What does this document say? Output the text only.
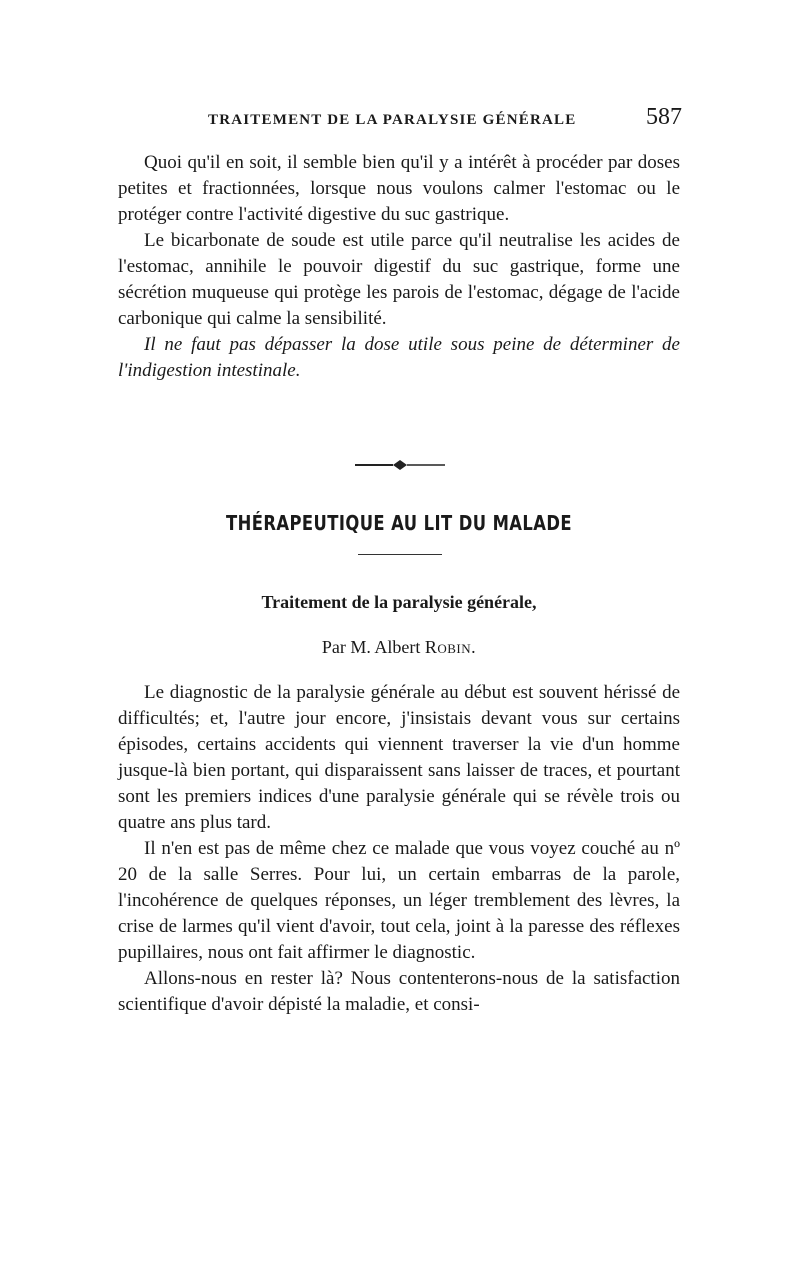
TRAITEMENT DE LA PARALYSIE GÉNÉRALE	587

Quoi qu'il en soit, il semble bien qu'il y a intérêt à procéder par doses petites et fractionnées, lorsque nous voulons calmer l'estomac ou le protéger contre l'activité digestive du suc gastrique.

Le bicarbonate de soude est utile parce qu'il neutralise les acides de l'estomac, annihile le pouvoir digestif du suc gastrique, forme une sécrétion muqueuse qui protège les parois de l'estomac, dégage de l'acide carbonique qui calme la sensibilité.

Il ne faut pas dépasser la dose utile sous peine de déterminer de l'indigestion intestinale.

THÉRAPEUTIQUE AU LIT DU MALADE
Traitement de la paralysie générale,
Par M. Albert Robin.

Le diagnostic de la paralysie générale au début est souvent hérissé de difficultés; et, l'autre jour encore, j'insistais devant vous sur certains épisodes, certains accidents qui viennent traverser la vie d'un homme jusque-là bien portant, qui disparaissent sans laisser de traces, et pourtant sont les premiers indices d'une paralysie générale qui se révèle trois ou quatre ans plus tard.

Il n'en est pas de même chez ce malade que vous voyez couché au nº 20 de la salle Serres. Pour lui, un certain embarras de la parole, l'incohérence de quelques réponses, un léger tremblement des lèvres, la crise de larmes qu'il vient d'avoir, tout cela, joint à la paresse des réflexes pupillaires, nous ont fait affirmer le diagnostic.

Allons-nous en rester là? Nous contenterons-nous de la satisfaction scientifique d'avoir dépisté la maladie, et consi-
